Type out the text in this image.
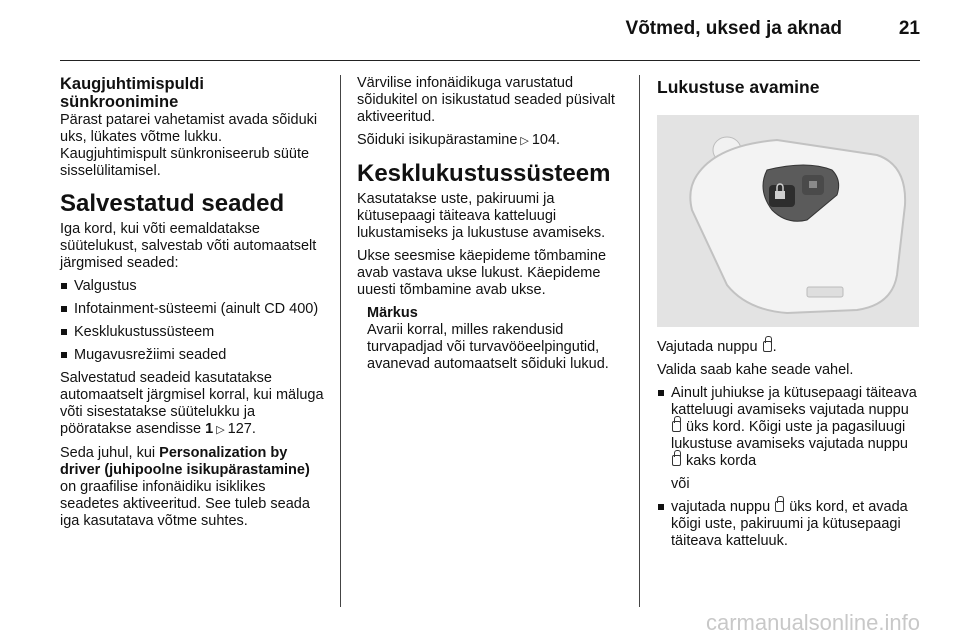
Võtmed, uksed ja aknad	21
Kaugjuhtimispuldi sünkroonimine

Pärast patarei vahetamist avada sõiduki uks, lükates võtme lukku. Kaugjuhtimispult sünkroniseerub süüte sisselülitamisel.

Salvestatud seaded

Iga kord, kui võti eemaldatakse süütelukust, salvestab võti automaatselt järgmised seaded:

Valgustus
Infotainment-süsteemi (ainult CD 400)
Kesklukustussüsteem
Mugavusrežiimi seaded

Salvestatud seadeid kasutatakse automaatselt järgmisel korral, kui mäluga võti sisestatakse süütelukku ja pööratakse asendisse 1 ▷ 127.

Seda juhul, kui Personalization by driver (juhipoolne isikupärastamine) on graafilise infonäidiku isiklikes seadetes aktiveeritud. See tuleb seada iga kasutatava võtme suhtes.

Värvilise infonäidikuga varustatud sõidukitel on isikustatud seaded püsivalt aktiveeritud.

Sõiduki isikupärastamine ▷ 104.

Kesklukustussüsteem

Kasutatakse uste, pakiruumi ja kütusepaagi täiteava katteluugi lukustamiseks ja lukustuse avamiseks.

Ukse seesmise käepideme tõmbamine avab vastava ukse lukust. Käepideme uuesti tõmbamine avab ukse.

Märkus
Avarii korral, milles rakendusid turvapadjad või turvavööeelpingutid, avanevad automaatselt sõiduki lukud.
Lukustuse avamine

Vajutada nuppu .

Valida saab kahe seade vahel.

Ainult juhiukse ja kütusepaagi täiteava katteluugi avamiseks vajutada nuppu  üks kord. Kõigi uste ja pagasiluugi lukustuse avamiseks vajutada nuppu  kaks korda

või

vajutada nuppu üks kord, et avada kõigi uste, pakiruumi ja kütusepaagi täiteava katteluuk.
carmanualsonline.info
